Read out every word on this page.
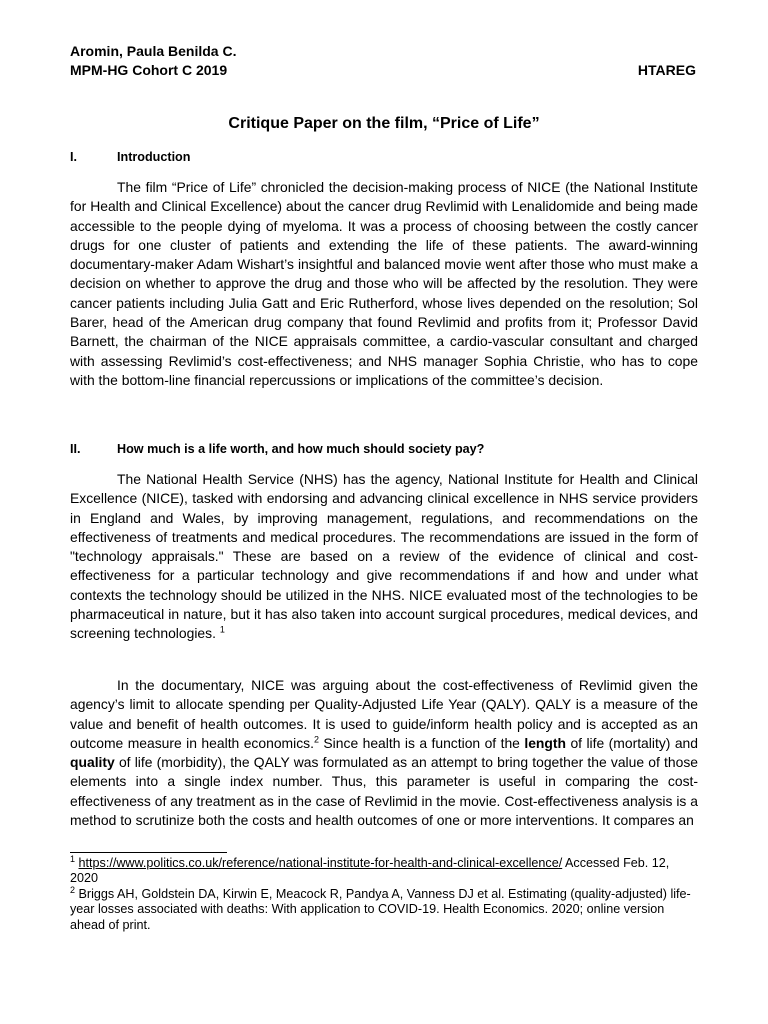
Aromin, Paula Benilda C.
MPM-HG Cohort C 2019	HTAREG
Critique Paper on the film, “Price of Life”
I.	Introduction

The film “Price of Life” chronicled the decision-making process of NICE (the National Institute for Health and Clinical Excellence) about the cancer drug Revlimid with Lenalidomide and being made accessible to the people dying of myeloma. It was a process of choosing between the costly cancer drugs for one cluster of patients and extending the life of these patients. The award-winning documentary-maker Adam Wishart’s insightful and balanced movie went after those who must make a decision on whether to approve the drug and those who will be affected by the resolution. They were cancer patients including Julia Gatt and Eric Rutherford, whose lives depended on the resolution; Sol Barer, head of the American drug company that found Revlimid and profits from it; Professor David Barnett, the chairman of the NICE appraisals committee, a cardio-vascular consultant and charged with assessing Revlimid’s cost-effectiveness; and NHS manager Sophia Christie, who has to cope with the bottom-line financial repercussions or implications of the committee’s decision.

II.	How much is a life worth, and how much should society pay?

The National Health Service (NHS) has the agency, National Institute for Health and Clinical Excellence (NICE), tasked with endorsing and advancing clinical excellence in NHS service providers in England and Wales, by improving management, regulations, and recommendations on the effectiveness of treatments and medical procedures. The recommendations are issued in the form of "technology appraisals." These are based on a review of the evidence of clinical and cost-effectiveness for a particular technology and give recommendations if and how and under what contexts the technology should be utilized in the NHS. NICE evaluated most of the technologies to be pharmaceutical in nature, but it has also taken into account surgical procedures, medical devices, and screening technologies. $^1$

In the documentary, NICE was arguing about the cost-effectiveness of Revlimid given the agency’s limit to allocate spending per Quality-Adjusted Life Year (QALY). QALY is a measure of the value and benefit of health outcomes. It is used to guide/inform health policy and is accepted as an outcome measure in health economics.$^2$ Since health is a function of the length of life (mortality) and quality of life (morbidity), the QALY was formulated as an attempt to bring together the value of those elements into a single index number. Thus, this parameter is useful in comparing the cost-effectiveness of any treatment as in the case of Revlimid in the movie. Cost-effectiveness analysis is a method to scrutinize both the costs and health outcomes of one or more interventions. It compares an

$^1$ https://www.politics.co.uk/reference/national-institute-for-health-and-clinical-excellence/ Accessed Feb. 12, 2020

$^2$ Briggs AH, Goldstein DA, Kirwin E, Meacock R, Pandya A, Vanness DJ et al. Estimating (quality-adjusted) life-year losses associated with deaths: With application to COVID-19. Health Economics. 2020; online version ahead of print.
